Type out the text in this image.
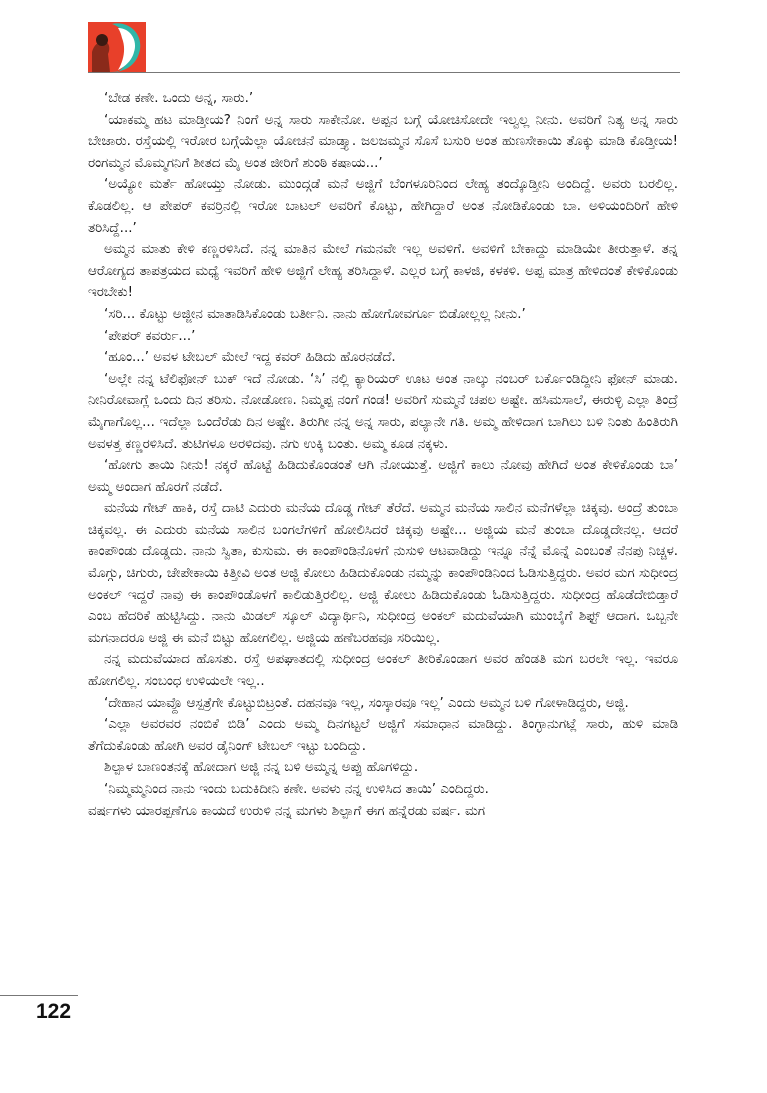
‘ಬೇಡ ಕಣೇ. ಒಂದು ಅನ್ನ, ಸಾರು.’

‘ಯಾಕಮ್ಮ ಹಟ ಮಾಡ್ತೀಯ? ನಿಂಗೆ ಅನ್ನ ಸಾರು ಸಾಕೇನೋ. ಅಪ್ಪನ ಬಗ್ಗೆ ಯೋಚಿಸೋದೇ ಇಲ್ವಲ್ಲ ನೀನು. ಅವರಿಗೆ ನಿತ್ಯ ಅನ್ನ ಸಾರು ಬೇಜಾರು. ರಸ್ತೆಯಲ್ಲಿ ಇರೋರ ಬಗ್ಗೆಯೆಲ್ಲಾ ಯೋಚನೆ ಮಾಡ್ತ್ಯಾ. ಜಲಜಮ್ಮನ ಸೊಸೆ ಬಸುರಿ ಅಂತ ಹುಣಸೇಕಾಯಿ ತೊಕ್ಕು ಮಾಡಿ ಕೊಡ್ತೀಯ! ರಂಗಮ್ಮನ ಮೊಮ್ಮಗನಿಗೆ ಶೀತದ ಮೈ ಅಂತ ಜೀರಿಗೆ ಶುಂಠಿ ಕಷಾಯ...’

‘ಅಯ್ಯೋ ಮರ್ತೆ ಹೋಯ್ತು ನೋಡು. ಮುಂದ್ಗಡೆ ಮನೆ ಅಜ್ಜಿಗೆ ಬೆಂಗಳೂರಿನಿಂದ ಲೇಹ್ಯ ತಂದ್ಕೊಡ್ತೀನಿ ಅಂದಿದ್ದೆ. ಅವರು ಬರಲಿಲ್ಲ. ಕೊಡಲಿಲ್ಲ. ಆ ಪೇಪರ್ ಕವರ್ರಿನಲ್ಲಿ ಇರೋ ಬಾಟಲ್ ಅವರಿಗೆ ಕೊಟ್ಟು, ಹೇಗಿದ್ದಾರೆ ಅಂತ ನೋಡಿಕೊಂಡು ಬಾ. ಅಳಿಯಂದಿರಿಗೆ ಹೇಳಿ ತರಿಸಿದ್ದೆ...’

ಅಮ್ಮನ ಮಾತು ಕೇಳಿ ಕಣ್ಣರಳಿಸಿದೆ. ನನ್ನ ಮಾತಿನ ಮೇಲೆ ಗಮನವೇ ಇಲ್ಲ ಅವಳಿಗೆ. ಅವಳಿಗೆ ಬೇಕಾದ್ದು ಮಾಡಿಯೇ ತೀರುತ್ತಾಳೆ. ತನ್ನ ಆರೋಗ್ಯದ ತಾಪತ್ರಯದ ಮಧ್ಯೆ ಇವರಿಗೆ ಹೇಳಿ ಅಜ್ಜಿಗೆ ಲೇಹ್ಯ ತರಿಸಿದ್ದಾಳೆ. ಎಲ್ಲರ ಬಗ್ಗೆ ಕಾಳಜಿ, ಕಳಕಳಿ. ಅಪ್ಪ ಮಾತ್ರ ಹೇಳಿದಂತೆ ಕೇಳಿಕೊಂಡು ಇರಬೇಕು!

‘ಸರಿ... ಕೊಟ್ಟು ಅಜ್ಜೀನ ಮಾತಾಡಿಸಿಕೊಂಡು ಬರ್ತೀನಿ. ನಾನು ಹೋಗೋವರ್ಗೂ ಬಿಡೋಲ್ಲಲ್ಲ ನೀನು.’

‘ಪೇಪರ್ ಕವರ್ರು...’

‘ಹೂಂ...’ ಅವಳ ಟೇಬಲ್ ಮೇಲೆ ಇದ್ದ ಕವರ್ ಹಿಡಿದು ಹೊರನಡೆದೆ.

‘ಅಲ್ಲೇ ನನ್ನ ಟೆಲಿಫೋನ್ ಬುಕ್ ಇದೆ ನೋಡು. ‘ಸಿ’ ನಲ್ಲಿ ಕ್ಯಾರಿಯರ್ ಊಟ ಅಂತ ನಾಲ್ಕು ನಂಬರ್ ಬರ್ಕೊಂಡಿದ್ದೀನಿ ಫೋನ್ ಮಾಡು. ನೀನಿರೋವಾಗ್ಲೆ ಒಂದು ದಿನ ತರಿಸು. ನೋಡೋಣ. ನಿಮ್ಮಪ್ಪ ನಂಗೆ ಗಂಡ! ಅವರಿಗೆ ಸುಮ್ಮನೆ ಚಪಲ ಅಷ್ಟೇ. ಹಸಿಮಸಾಲೆ, ಈರುಳ್ಳಿ ಎಲ್ಲಾ ತಿಂದ್ರೆ ಮೈಗಾಗೊಲ್ಲ... ಇದೆಲ್ಲಾ ಒಂದೆರೆಡು ದಿನ ಅಷ್ಟೇ. ತಿರುಗೀ ನನ್ನ ಅನ್ನ ಸಾರು, ಪಲ್ಯಾನೇ ಗತಿ. ಅಮ್ಮ ಹೇಳಿದಾಗ ಬಾಗಿಲು ಬಳಿ ನಿಂತು ಹಿಂತಿರುಗಿ ಅವಳತ್ತ ಕಣ್ಣರಳಿಸಿದೆ. ತುಟಿಗಳೂ ಅರಳಿದವು. ನಗು ಉಕ್ಕಿ ಬಂತು. ಅಮ್ಮ ಕೂಡ ನಕ್ಕಳು.

‘ಹೋಗು ತಾಯಿ ನೀನು! ನಕ್ಕರೆ ಹೊಟ್ಟೆ ಹಿಡಿದುಕೊಂಡಂತೆ ಆಗಿ ನೋಯುತ್ತೆ. ಅಜ್ಜಿಗೆ ಕಾಲು ನೋವು ಹೇಗಿದೆ ಅಂತ ಕೇಳಿಕೊಂಡು ಬಾ’ ಅಮ್ಮ ಅಂದಾಗ ಹೊರಗೆ ನಡೆದೆ.

ಮನೆಯ ಗೇಟ್ ಹಾಕಿ, ರಸ್ತೆ ದಾಟಿ ಎದುರು ಮನೆಯ ದೊಡ್ಡ ಗೇಟ್ ತೆರೆದೆ. ಅಮ್ಮನ ಮನೆಯ ಸಾಲಿನ ಮನೆಗಳೆಲ್ಲಾ ಚಿಕ್ಕವು. ಅಂದ್ರೆ ತುಂಬಾ ಚಿಕ್ಕವಲ್ಲ. ಈ ಎದುರು ಮನೆಯ ಸಾಲಿನ ಬಂಗಲೆಗಳಿಗೆ ಹೋಲಿಸಿದರೆ ಚಿಕ್ಕವು ಅಷ್ಟೇ... ಅಜ್ಜಿಯ ಮನೆ ತುಂಬಾ ದೊಡ್ಡದೇನಲ್ಲ. ಆದರೆ ಕಾಂಪೌಂಡು ದೊಡ್ಡದು. ನಾನು ಸ್ವಿತಾ, ಕುಸುಮ. ಈ ಕಾಂಪೌಂಡಿನೊಳಗೆ ನುಸುಳಿ ಆಟವಾಡಿದ್ದು ಇನ್ನೂ ನೆನ್ನೆ ಮೊನ್ನೆ ಎಂಬಂತೆ ನೆನಪು ನಿಚ್ಚಳ. ಮೊಗ್ಗು, ಚಿಗುರು, ಚೇಪೇಕಾಯಿ ಕಿತ್ತೀವಿ ಅಂತ ಅಜ್ಜಿ ಕೋಲು ಹಿಡಿದುಕೊಂಡು ನಮ್ಮನ್ನು ಕಾಂಪೌಂಡಿನಿಂದ ಓಡಿಸುತ್ತಿದ್ದರು. ಅವರ ಮಗ ಸುಧೀಂದ್ರ ಅಂಕಲ್ ಇದ್ದರೆ ನಾವು ಈ ಕಾಂಪೌಂಡೊಳಗೆ ಕಾಲಿಡುತ್ತಿರಲಿಲ್ಲ. ಅಜ್ಜಿ ಕೋಲು ಹಿಡಿದುಕೊಂಡು ಓಡಿಸುತ್ತಿದ್ದರು. ಸುಧೀಂದ್ರ ಹೊಡೆದೇಬಿಡ್ತಾರೆ ಎಂಬ ಹೆದರಿಕೆ ಹುಟ್ಟಿಸಿದ್ದು. ನಾನು ಮಿಡಲ್ ಸ್ಕೂಲ್ ವಿದ್ಯಾರ್ಥಿನಿ, ಸುಧೀಂದ್ರ ಅಂಕಲ್ ಮದುವೆಯಾಗಿ ಮುಂಬೈಗೆ ಶಿಫ್ಟ್ ಆದಾಗ. ಒಬ್ಬನೇ ಮಗನಾದರೂ ಅಜ್ಜಿ ಈ ಮನೆ ಬಿಟ್ಟು ಹೋಗಲಿಲ್ಲ. ಅಜ್ಜಿಯ ಹಣೆಬರಹವೂ ಸರಿಯಿಲ್ಲ.

ನನ್ನ ಮದುವೆಯಾದ ಹೊಸತು. ರಸ್ತೆ ಅಪಘಾತದಲ್ಲಿ ಸುಧೀಂದ್ರ ಅಂಕಲ್ ತೀರಿಕೊಂಡಾಗ ಅವರ ಹೆಂಡತಿ ಮಗ ಬರಲೇ ಇಲ್ಲ. ಇವರೂ ಹೋಗಲಿಲ್ಲ. ಸಂಬಂಧ ಉಳಿಯಲೇ ಇಲ್ಲ..

‘ದೇಹಾನ ಯಾವ್ದೊ ಆಸ್ಪತ್ರೆಗೇ ಕೊಟ್ಟುಬಿಟ್ರಂತೆ. ದಹನವೂ ಇಲ್ಲ, ಸಂಸ್ಕಾರವೂ ಇಲ್ಲ’ ಎಂದು ಅಮ್ಮನ ಬಳಿ ಗೋಳಾಡಿದ್ದರು, ಅಜ್ಜಿ.

‘ಎಲ್ಲಾ ಅವರವರ ನಂಬಿಕೆ ಬಿಡಿ’ ಎಂದು ಅಮ್ಮ ದಿನಗಟ್ಟಲೆ ಅಜ್ಜಿಗೆ ಸಮಾಧಾನ ಮಾಡಿದ್ದು. ತಿಂಗ್ಳಾನುಗಟ್ಲೆ ಸಾರು, ಹುಳಿ ಮಾಡಿ ತೆಗೆದುಕೊಂಡು ಹೋಗಿ ಅವರ ಡೈನಿಂಗ್ ಟೇಬಲ್ ಇಟ್ಟು ಬಂದಿದ್ದು.

ಶಿಲ್ಪಾಳ ಬಾಣಂತನಕ್ಕೆ ಹೋದಾಗ ಅಜ್ಜಿ ನನ್ನ ಬಳಿ ಅಮ್ಮನ್ನ ಅಪ್ಪು ಹೊಗಳಿದ್ದು.

‘ನಿಮ್ಮಮ್ಮನಿಂದ ನಾನು ಇಂದು ಬದುಕಿದೀನಿ ಕಣೇ. ಅವಳು ನನ್ನ ಉಳಿಸಿದ ತಾಯಿ’ ಎಂದಿದ್ದರು.

ವರ್ಷಗಳು ಯಾರಪ್ಪಣೆಗೂ ಕಾಯದೆ ಉರುಳಿ ನನ್ನ ಮಗಳು ಶಿಲ್ಪಾಗೆ ಈಗ ಹನ್ನೆರಡು ವರ್ಷ. ಮಗ

122
